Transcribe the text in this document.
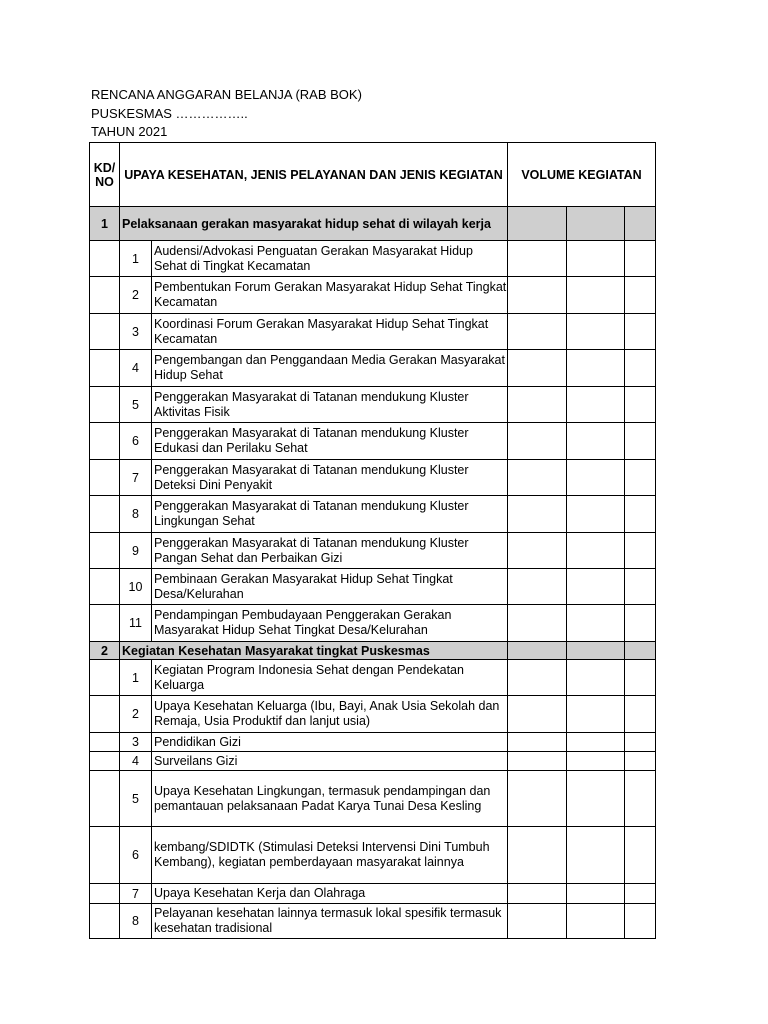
RENCANA ANGGARAN BELANJA (RAB BOK)
PUSKESMAS ……………..
TAHUN 2021
KD/ NO	UPAYA KESEHATAN, JENIS PELAYANAN DAN JENIS KEGIATAN		VOLUME KEGIATAN		
1	Pelaksanaan gerakan masyarakat hidup sehat di wilayah kerja				
	1	Audensi/Advokasi Penguatan Gerakan Masyarakat Hidup Sehat di Tingkat Kecamatan			
	2	Pembentukan Forum Gerakan Masyarakat Hidup Sehat Tingkat Kecamatan			
	3	Koordinasi Forum Gerakan Masyarakat Hidup Sehat Tingkat Kecamatan			
	4	Pengembangan dan Penggandaan Media Gerakan Masyarakat Hidup Sehat			
	5	Penggerakan Masyarakat di Tatanan mendukung Kluster Aktivitas Fisik			
	6	Penggerakan Masyarakat di Tatanan mendukung Kluster Edukasi dan Perilaku Sehat			
	7	Penggerakan Masyarakat di Tatanan mendukung Kluster Deteksi Dini Penyakit			
	8	Penggerakan Masyarakat di Tatanan mendukung Kluster Lingkungan Sehat			
	9	Penggerakan Masyarakat di Tatanan mendukung Kluster Pangan Sehat dan Perbaikan Gizi			
	10	Pembinaan Gerakan Masyarakat Hidup Sehat Tingkat Desa/Kelurahan			
	11	Pendampingan Pembudayaan Penggerakan Gerakan Masyarakat Hidup Sehat Tingkat Desa/Kelurahan			
2	Kegiatan Kesehatan Masyarakat tingkat Puskesmas				
	1	Kegiatan Program Indonesia Sehat dengan Pendekatan Keluarga			
	2	Upaya Kesehatan Keluarga (Ibu, Bayi, Anak Usia Sekolah dan Remaja, Usia Produktif dan lanjut usia)			
	3	Pendidikan Gizi			
	4	Surveilans Gizi			
	5	Upaya Kesehatan Lingkungan, termasuk pendampingan dan pemantauan pelaksanaan Padat Karya Tunai Desa Kesling			
	6	kembang/SDIDTK (Stimulasi Deteksi Intervensi Dini Tumbuh Kembang), kegiatan pemberdayaan masyarakat lainnya			
	7	Upaya Kesehatan Kerja dan Olahraga			
	8	Pelayanan kesehatan lainnya termasuk lokal spesifik termasuk kesehatan tradisional			
